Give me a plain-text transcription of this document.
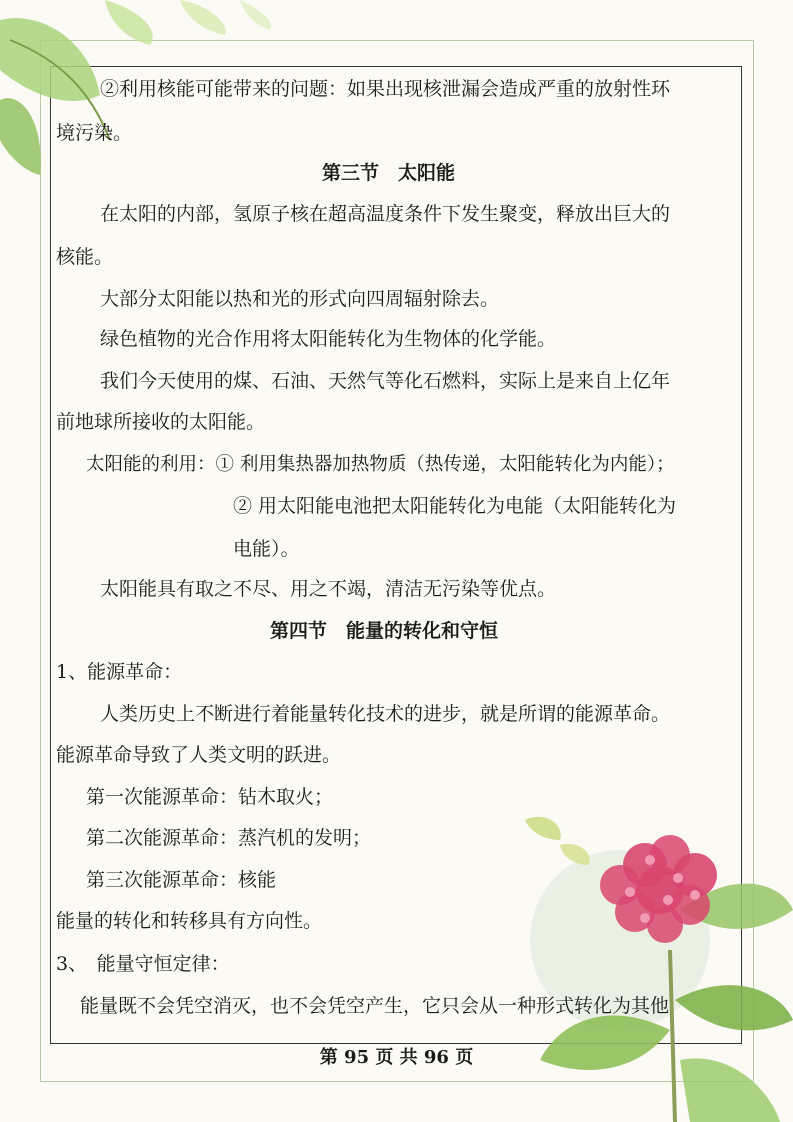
②利用核能可能带来的问题：如果出现核泄漏会造成严重的放射性环
境污染。
第三节　太阳能
在太阳的内部，氢原子核在超高温度条件下发生聚变，释放出巨大的
核能。
大部分太阳能以热和光的形式向四周辐射除去。
绿色植物的光合作用将太阳能转化为生物体的化学能。
我们今天使用的煤、石油、天然气等化石燃料，实际上是来自上亿年
前地球所接收的太阳能。
太阳能的利用：① 利用集热器加热物质（热传递，太阳能转化为内能）；
② 用太阳能电池把太阳能转化为电能（太阳能转化为
电能）。
太阳能具有取之不尽、用之不竭，清洁无污染等优点。
第四节　能量的转化和守恒
1、能源革命：
人类历史上不断进行着能量转化技术的进步，就是所谓的能源革命。
能源革命导致了人类文明的跃进。
第一次能源革命：钻木取火；
第二次能源革命：蒸汽机的发明；
第三次能源革命：核能
能量的转化和转移具有方向性。
3、　能量守恒定律：
能量既不会凭空消灭，也不会凭空产生，它只会从一种形式转化为其他
第 95 页 共 96 页
